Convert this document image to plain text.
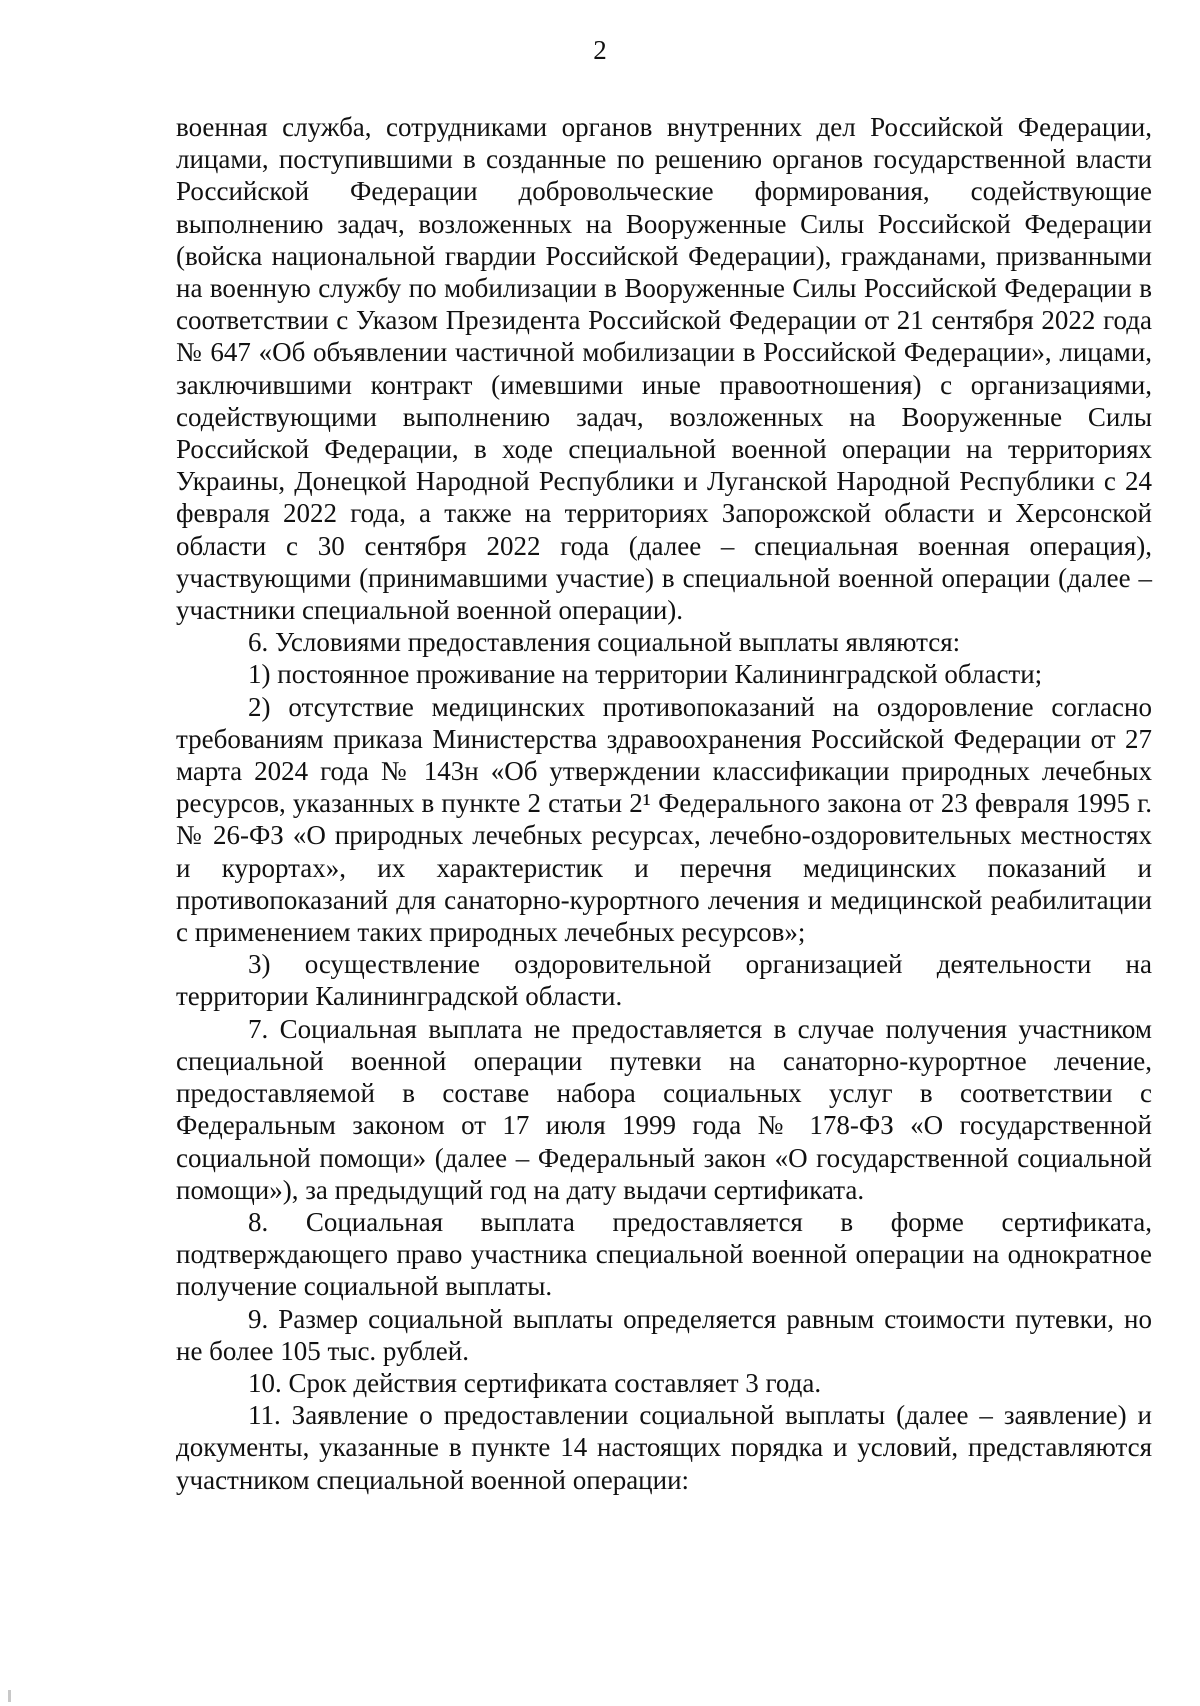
2

военная служба, сотрудниками органов внутренних дел Российской Федерации, лицами, поступившими в созданные по решению органов государственной власти Российской Федерации добровольческие формирования, содействующие выполнению задач, возложенных на Вооруженные Силы Российской Федерации (войска национальной гвардии Российской Федерации), гражданами, призванными на военную службу по мобилизации в Вооруженные Силы Российской Федерации в соответствии с Указом Президента Российской Федерации от 21 сентября 2022 года № 647 «Об объявлении частичной мобилизации в Российской Федерации», лицами, заключившими контракт (имевшими иные правоотношения) с организациями, содействующими выполнению задач, возложенных на Вооруженные Силы Российской Федерации, в ходе специальной военной операции на территориях Украины, Донецкой Народной Республики и Луганской Народной Республики с 24 февраля 2022 года, а также на территориях Запорожской области и Херсонской области с 30 сентября 2022 года (далее – специальная военная операция), участвующими (принимавшими участие) в специальной военной операции (далее – участники специальной военной операции).

6. Условиями предоставления социальной выплаты являются:

1) постоянное проживание на территории Калининградской области;

2) отсутствие медицинских противопоказаний на оздоровление согласно требованиям приказа Министерства здравоохранения Российской Федерации от 27 марта 2024 года № 143н «Об утверждении классификации природных лечебных ресурсов, указанных в пункте 2 статьи 2¹ Федерального закона от 23 февраля 1995 г. № 26-ФЗ «О природных лечебных ресурсах, лечебно-оздоровительных местностях и курортах», их характеристик и перечня медицинских показаний и противопоказаний для санаторно-курортного лечения и медицинской реабилитации с применением таких природных лечебных ресурсов»;

3) осуществление оздоровительной организацией деятельности на территории Калининградской области.

7. Социальная выплата не предоставляется в случае получения участником специальной военной операции путевки на санаторно-курортное лечение, предоставляемой в составе набора социальных услуг в соответствии с Федеральным законом от 17 июля 1999 года № 178-ФЗ «О государственной социальной помощи» (далее – Федеральный закон «О государственной социальной помощи»), за предыдущий год на дату выдачи сертификата.

8. Социальная выплата предоставляется в форме сертификата, подтверждающего право участника специальной военной операции на однократное получение социальной выплаты.

9. Размер социальной выплаты определяется равным стоимости путевки, но не более 105 тыс. рублей.

10. Срок действия сертификата составляет 3 года.

11. Заявление о предоставлении социальной выплаты (далее – заявление) и документы, указанные в пункте 14 настоящих порядка и условий, представляются участником специальной военной операции:
